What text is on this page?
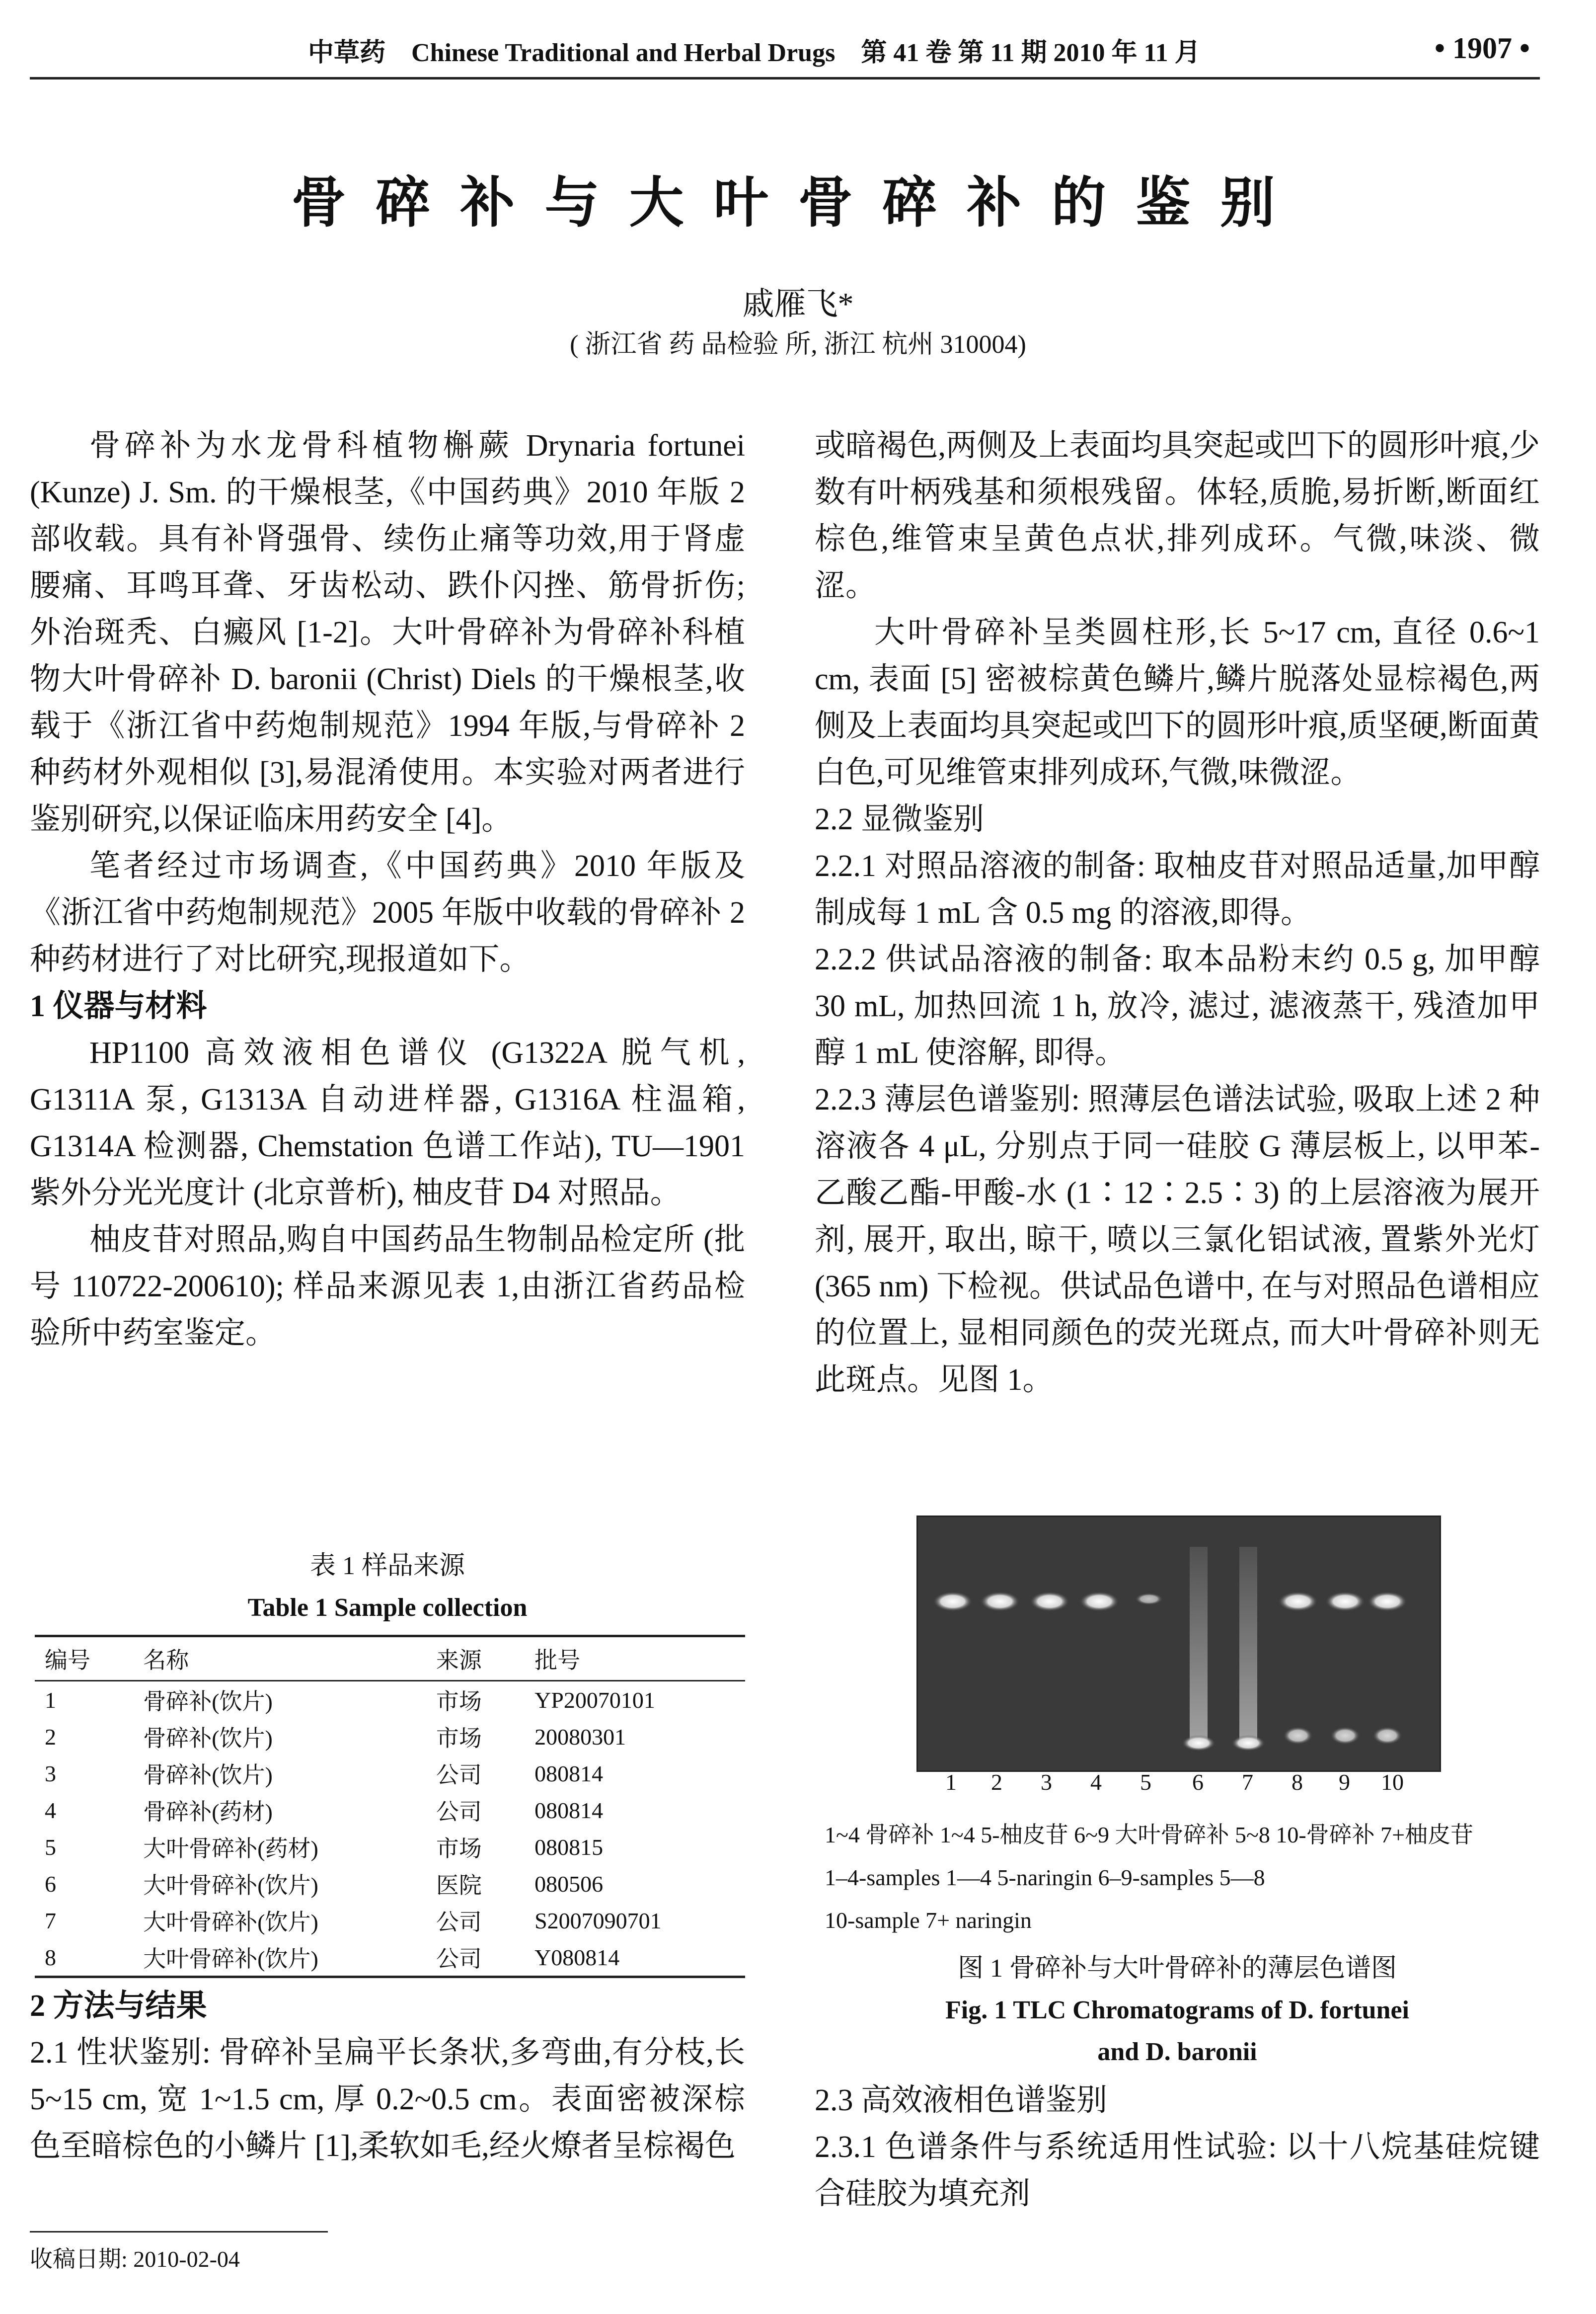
中草药 Chinese Traditional and Herbal Drugs 第 41 卷 第 11 期 2010 年 11 月	• 1907 •
骨碎补与大叶骨碎补的鉴别
戚雁飞*
( 浙江省 药 品检验 所, 浙江 杭州 310004)

骨碎补为水龙骨科植物槲蕨 Drynaria fortunei (Kunze) J. Sm. 的干燥根茎,《中国药典》2010 年版 2 部收载。具有补肾强骨、续伤止痛等功效,用于肾虚腰痛、耳鸣耳聋、牙齿松动、跌仆闪挫、筋骨折伤;外治斑秃、白癜风 [1-2]。大叶骨碎补为骨碎补科植物大叶骨碎补 D. baronii (Christ) Diels 的干燥根茎,收载于《浙江省中药炮制规范》1994 年版,与骨碎补 2 种药材外观相似 [3],易混淆使用。本实验对两者进行鉴别研究,以保证临床用药安全 [4]。

笔者经过市场调查,《中国药典》2010 年版及《浙江省中药炮制规范》2005 年版中收载的骨碎补 2 种药材进行了对比研究,现报道如下。

1 仪器与材料

HP1100 高效液相色谱仪 (G1322A 脱气机, G1311A 泵, G1313A 自动进样器, G1316A 柱温箱, G1314A 检测器, Chemstation 色谱工作站), TU—1901 紫外分光光度计 (北京普析), 柚皮苷 D4 对照品。

柚皮苷对照品,购自中国药品生物制品检定所 (批号 110722-200610); 样品来源见表 1,由浙江省药品检验所中药室鉴定。

表 1 样品来源
Table 1 Sample collection
编号	名称	来源	批号
1	骨碎补(饮片)	市场	YP20070101
2	骨碎补(饮片)	市场	20080301
3	骨碎补(饮片)	公司	080814
4	骨碎补(药材)	公司	080814
5	大叶骨碎补(药材)	市场	080815
6	大叶骨碎补(饮片)	医院	080506
7	大叶骨碎补(饮片)	公司	S2007090701
8	大叶骨碎补(饮片)	公司	Y080814

2 方法与结果

2.1 性状鉴别: 骨碎补呈扁平长条状,多弯曲,有分枝,长 5~15 cm, 宽 1~1.5 cm, 厚 0.2~0.5 cm。表面密被深棕色至暗棕色的小鳞片 [1],柔软如毛,经火燎者呈棕褐色

或暗褐色,两侧及上表面均具突起或凹下的圆形叶痕,少数有叶柄残基和须根残留。体轻,质脆,易折断,断面红棕色,维管束呈黄色点状,排列成环。气微,味淡、微涩。

大叶骨碎补呈类圆柱形,长 5~17 cm, 直径 0.6~1 cm, 表面 [5] 密被棕黄色鳞片,鳞片脱落处显棕褐色,两侧及上表面均具突起或凹下的圆形叶痕,质坚硬,断面黄白色,可见维管束排列成环,气微,味微涩。

2.2 显微鉴别

2.2.1 对照品溶液的制备: 取柚皮苷对照品适量,加甲醇制成每 1 mL 含 0.5 mg 的溶液,即得。

2.2.2 供试品溶液的制备: 取本品粉末约 0.5 g, 加甲醇 30 mL, 加热回流 1 h, 放冷, 滤过, 滤液蒸干, 残渣加甲醇 1 mL 使溶解, 即得。

2.2.3 薄层色谱鉴别: 照薄层色谱法试验, 吸取上述 2 种溶液各 4 μL, 分别点于同一硅胶 G 薄层板上, 以甲苯-乙酸乙酯-甲酸-水 (1∶12∶2.5∶3) 的上层溶液为展开剂, 展开, 取出, 晾干, 喷以三氯化铝试液, 置紫外光灯 (365 nm) 下检视。供试品色谱中, 在与对照品色谱相应的位置上, 显相同颜色的荧光斑点, 而大叶骨碎补则无此斑点。见图 1。

1 2 3 4 5 6 7 8 9 10
1~4 骨碎补 1~4 5-柚皮苷 6~9 大叶骨碎补 5~8 10-骨碎补 7+柚皮苷
1–4-samples 1—4 5-naringin 6–9-samples 5—8
10-sample 7+ naringin
图 1 骨碎补与大叶骨碎补的薄层色谱图
Fig. 1 TLC Chromatograms of D. fortunei
and D. baronii

2.3 高效液相色谱鉴别

2.3.1 色谱条件与系统适用性试验: 以十八烷基硅烷键合硅胶为填充剂

收稿日期: 2010-02-04
